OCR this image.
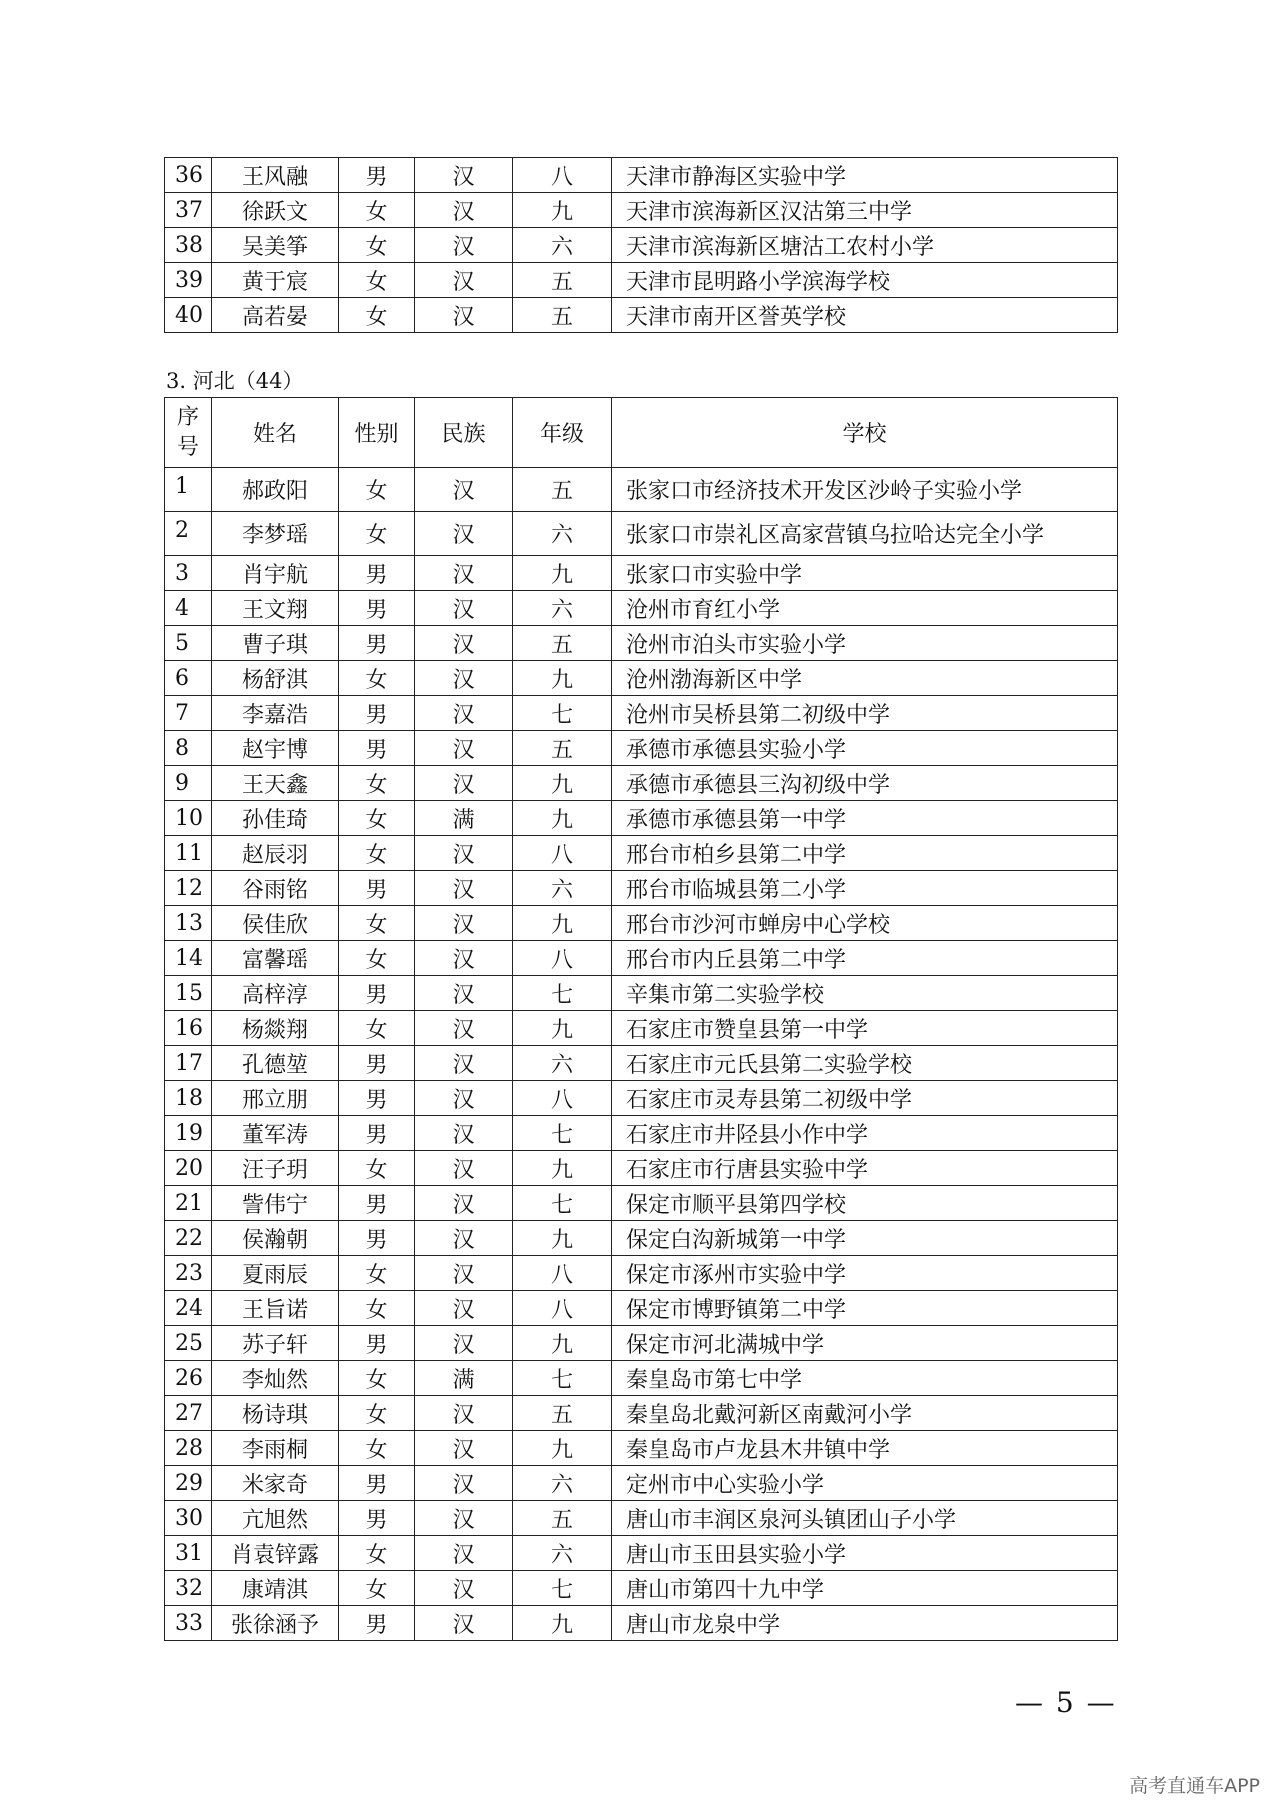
36	王风融	男	汉	八	天津市静海区实验中学
37	徐跃文	女	汉	九	天津市滨海新区汉沽第三中学
38	吴美筝	女	汉	六	天津市滨海新区塘沽工农村小学
39	黄于宸	女	汉	五	天津市昆明路小学滨海学校
40	高若晏	女	汉	五	天津市南开区誉英学校
3. 河北（44）
序
号	姓名	性别	民族	年级	学校
1	郝政阳	女	汉	五	张家口市经济技术开发区沙岭子实验小学
2	李梦瑶	女	汉	六	张家口市崇礼区高家营镇乌拉哈达完全小学
3	肖宇航	男	汉	九	张家口市实验中学
4	王文翔	男	汉	六	沧州市育红小学
5	曹子琪	男	汉	五	沧州市泊头市实验小学
6	杨舒淇	女	汉	九	沧州渤海新区中学
7	李嘉浩	男	汉	七	沧州市吴桥县第二初级中学
8	赵宇博	男	汉	五	承德市承德县实验小学
9	王天鑫	女	汉	九	承德市承德县三沟初级中学
10	孙佳琦	女	满	九	承德市承德县第一中学
11	赵辰羽	女	汉	八	邢台市柏乡县第二中学
12	谷雨铭	男	汉	六	邢台市临城县第二小学
13	侯佳欣	女	汉	九	邢台市沙河市蝉房中心学校
14	富馨瑶	女	汉	八	邢台市内丘县第二中学
15	高梓淳	男	汉	七	辛集市第二实验学校
16	杨燚翔	女	汉	九	石家庄市赞皇县第一中学
17	孔德堃	男	汉	六	石家庄市元氏县第二实验学校
18	邢立朋	男	汉	八	石家庄市灵寿县第二初级中学
19	董军涛	男	汉	七	石家庄市井陉县小作中学
20	汪子玥	女	汉	九	石家庄市行唐县实验中学
21	訾伟宁	男	汉	七	保定市顺平县第四学校
22	侯瀚朝	男	汉	九	保定白沟新城第一中学
23	夏雨辰	女	汉	八	保定市涿州市实验中学
24	王旨诺	女	汉	八	保定市博野镇第二中学
25	苏子轩	男	汉	九	保定市河北满城中学
26	李灿然	女	满	七	秦皇岛市第七中学
27	杨诗琪	女	汉	五	秦皇岛北戴河新区南戴河小学
28	李雨桐	女	汉	九	秦皇岛市卢龙县木井镇中学
29	米家奇	男	汉	六	定州市中心实验小学
30	亢旭然	男	汉	五	唐山市丰润区泉河头镇团山子小学
31	肖袁锌露	女	汉	六	唐山市玉田县实验小学
32	康靖淇	女	汉	七	唐山市第四十九中学
33	张徐涵予	男	汉	九	唐山市龙泉中学
— 5 —
高考直通车APP
